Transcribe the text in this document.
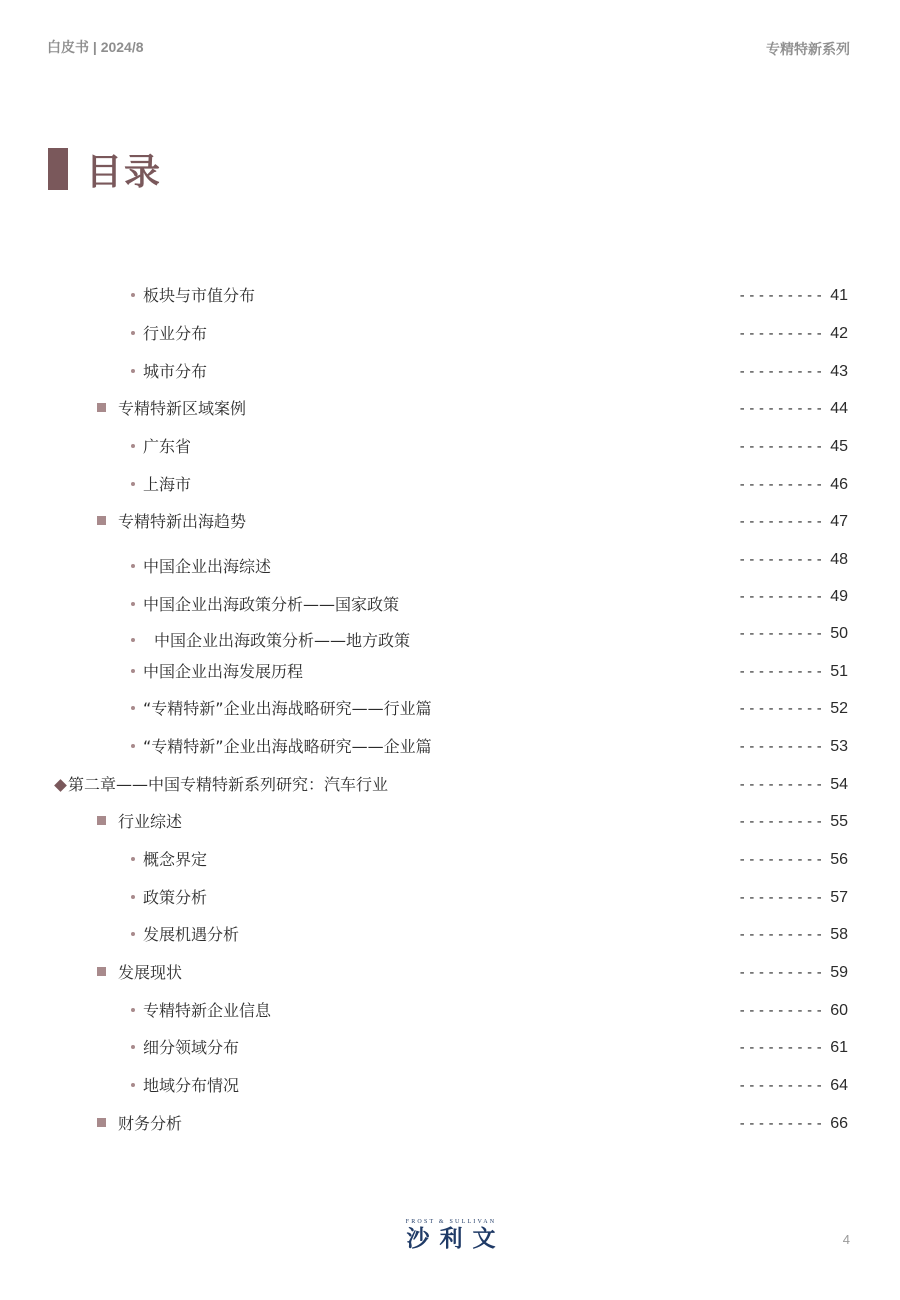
白皮书 | 2024/8	专精特新系列
目录
板块与市值分布	--------- 41
行业分布	--------- 42
城市分布	--------- 43
专精特新区域案例	--------- 44
广东省	--------- 45
上海市	--------- 46
专精特新出海趋势	--------- 47
中国企业出海综述	--------- 48
中国企业出海政策分析——国家政策	--------- 49
中国企业出海政策分析——地方政策	--------- 50
中国企业出海发展历程	--------- 51
“专精特新”企业出海战略研究——行业篇	--------- 52
“专精特新”企业出海战略研究——企业篇	--------- 53
第二章——中国专精特新系列研究：汽车行业	--------- 54
行业综述	--------- 55
概念界定	--------- 56
政策分析	--------- 57
发展机遇分析	--------- 58
发展现状	--------- 59
专精特新企业信息	--------- 60
细分领域分布	--------- 61
地域分布情况	--------- 64
财务分析	--------- 66
FROST & SULLIVAN
沙利文	4
